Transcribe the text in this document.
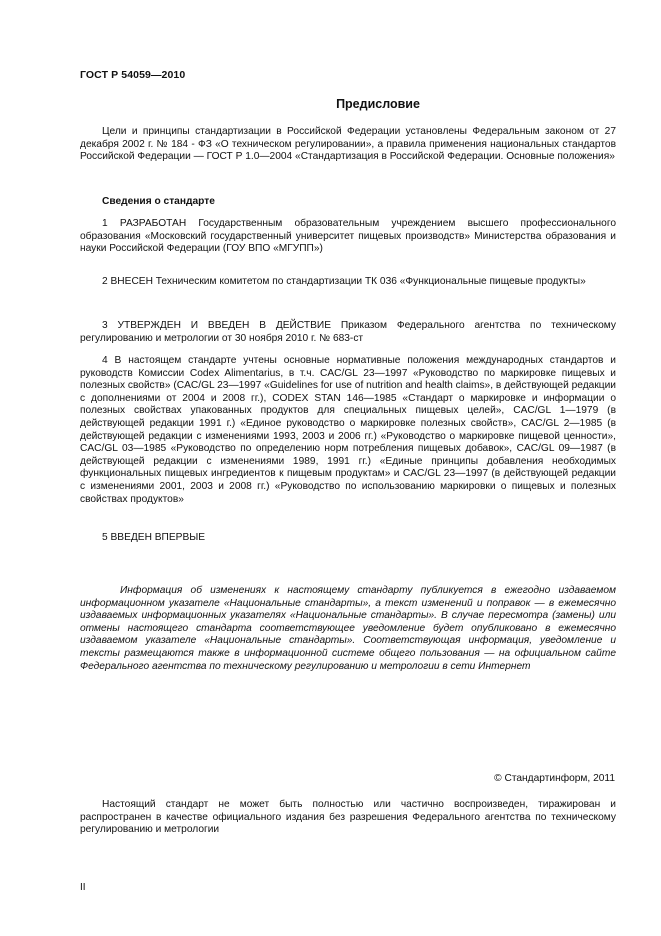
ГОСТ Р 54059—2010
Предисловие
Цели и принципы стандартизации в Российской Федерации установлены Федеральным законом от 27 декабря 2002 г. № 184 - ФЗ «О техническом регулировании», а правила применения национальных стандартов Российской Федерации — ГОСТ Р 1.0—2004 «Стандартизация в Российской Федерации. Основные положения»
Сведения о стандарте
1 РАЗРАБОТАН Государственным образовательным учреждением высшего профессионального образования «Московский государственный университет пищевых производств» Министерства образования и науки Российской Федерации (ГОУ ВПО «МГУПП»)
2 ВНЕСЕН Техническим комитетом по стандартизации ТК 036 «Функциональные пищевые продукты»
3 УТВЕРЖДЕН И ВВЕДЕН В ДЕЙСТВИЕ Приказом Федерального агентства по техническому регулированию и метрологии от 30 ноября 2010 г. № 683-ст
4 В настоящем стандарте учтены основные нормативные положения международных стандартов и руководств Комиссии Codex Alimentarius, в т.ч. CAC/GL 23—1997 «Руководство по маркировке пищевых и полезных свойств» (CAC/GL 23—1997 «Guidelines for use of nutrition and health claims», в действующей редакции с дополнениями от 2004 и 2008 гг.), CODEX STAN 146—1985 «Стандарт о маркировке и информации о полезных свойствах упакованных продуктов для специальных пищевых целей», CAC/GL 1—1979 (в действующей редакции 1991 г.) «Единое руководство о маркировке полезных свойств», CAC/GL 2—1985 (в действующей редакции с изменениями 1993, 2003 и 2006 гг.) «Руководство о маркировке пищевой ценности», CAC/GL 03—1985 «Руководство по определению норм потребления пищевых добавок», CAC/GL 09—1987 (в действующей редакции с изменениями 1989, 1991 гг.) «Единые принципы добавления необходимых функциональных пищевых ингредиентов к пищевым продуктам» и CAC/GL 23—1997 (в действующей редакции с изменениями 2001, 2003 и 2008 гг.) «Руководство по использованию маркировки о пищевых и полезных свойствах продуктов»
5 ВВЕДЕН ВПЕРВЫЕ
Информация об изменениях к настоящему стандарту публикуется в ежегодно издаваемом информационном указателе «Национальные стандарты», а текст изменений и поправок — в ежемесячно издаваемых информационных указателях «Национальные стандарты». В случае пересмотра (замены) или отмены настоящего стандарта соответствующее уведомление будет опубликовано в ежемесячно издаваемом указателе «Национальные стандарты». Соответствующая информация, уведомление и тексты размещаются также в информационной системе общего пользования — на официальном сайте Федерального агентства по техническому регулированию и метрологии в сети Интернет
© Стандартинформ, 2011
Настоящий стандарт не может быть полностью или частично воспроизведен, тиражирован и распространен в качестве официального издания без разрешения Федерального агентства по техническому регулированию и метрологии
II
